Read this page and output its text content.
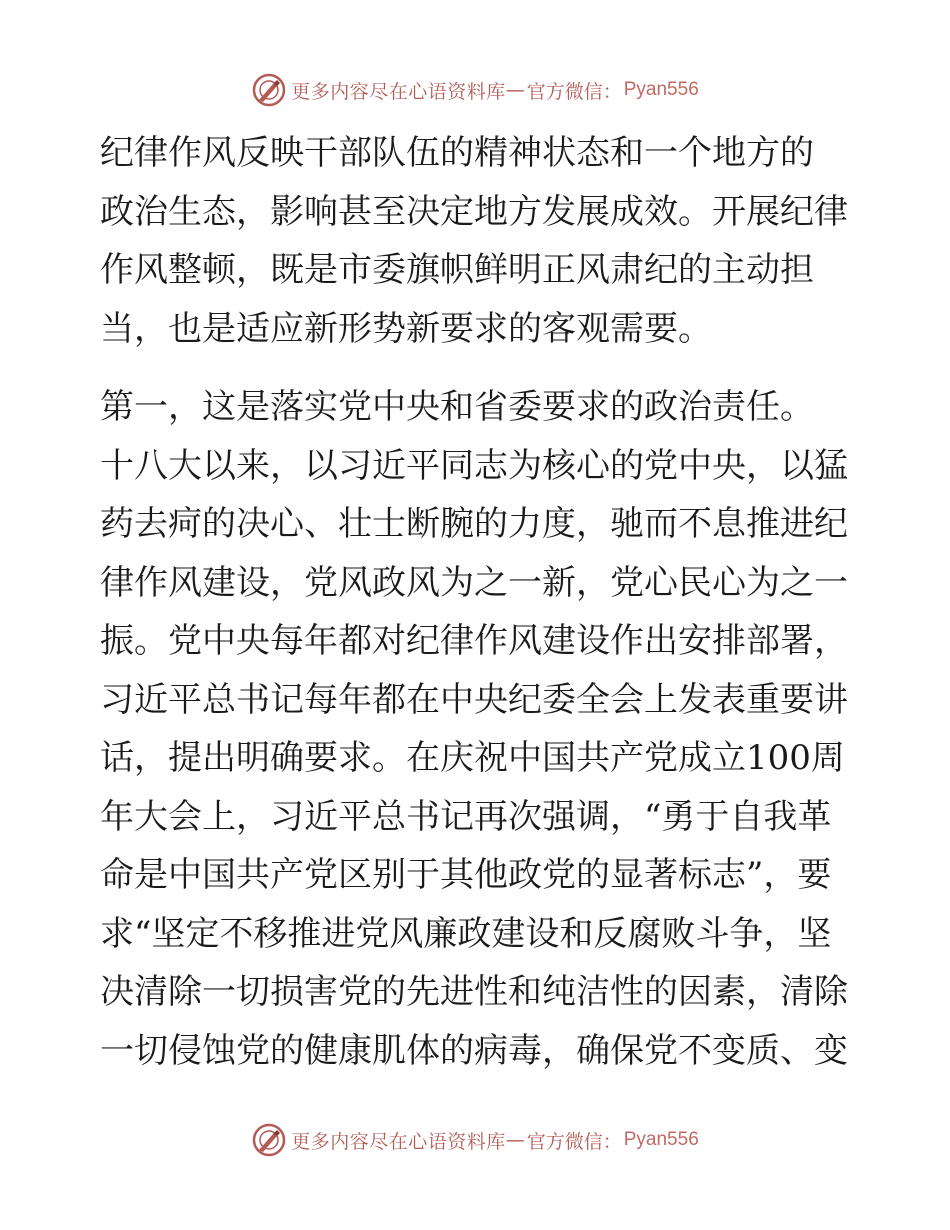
更多内容尽在心语资料库 — 官方微信： Pyan556
纪律作风反映干部队伍的精神状态和一个地方的
政治生态，影响甚至决定地方发展成效。开展纪律
作风整顿，既是市委旗帜鲜明正风肃纪的主动担
当，也是适应新形势新要求的客观需要。
第一，这是落实党中央和省委要求的政治责任。
十八大以来，以习近平同志为核心的党中央，以猛
药去疴的决心、壮士断腕的力度，驰而不息推进纪
律作风建设，党风政风为之一新，党心民心为之一
振。党中央每年都对纪律作风建设作出安排部署，
习近平总书记每年都在中央纪委全会上发表重要讲
话，提出明确要求。在庆祝中国共产党成立100周
年大会上，习近平总书记再次强调，“勇于自我革
命是中国共产党区别于其他政党的显著标志”，要
求“坚定不移推进党风廉政建设和反腐败斗争，坚
决清除一切损害党的先进性和纯洁性的因素，清除
一切侵蚀党的健康肌体的病毒，确保党不变质、变
更多内容尽在心语资料库 — 官方微信： Pyan556
